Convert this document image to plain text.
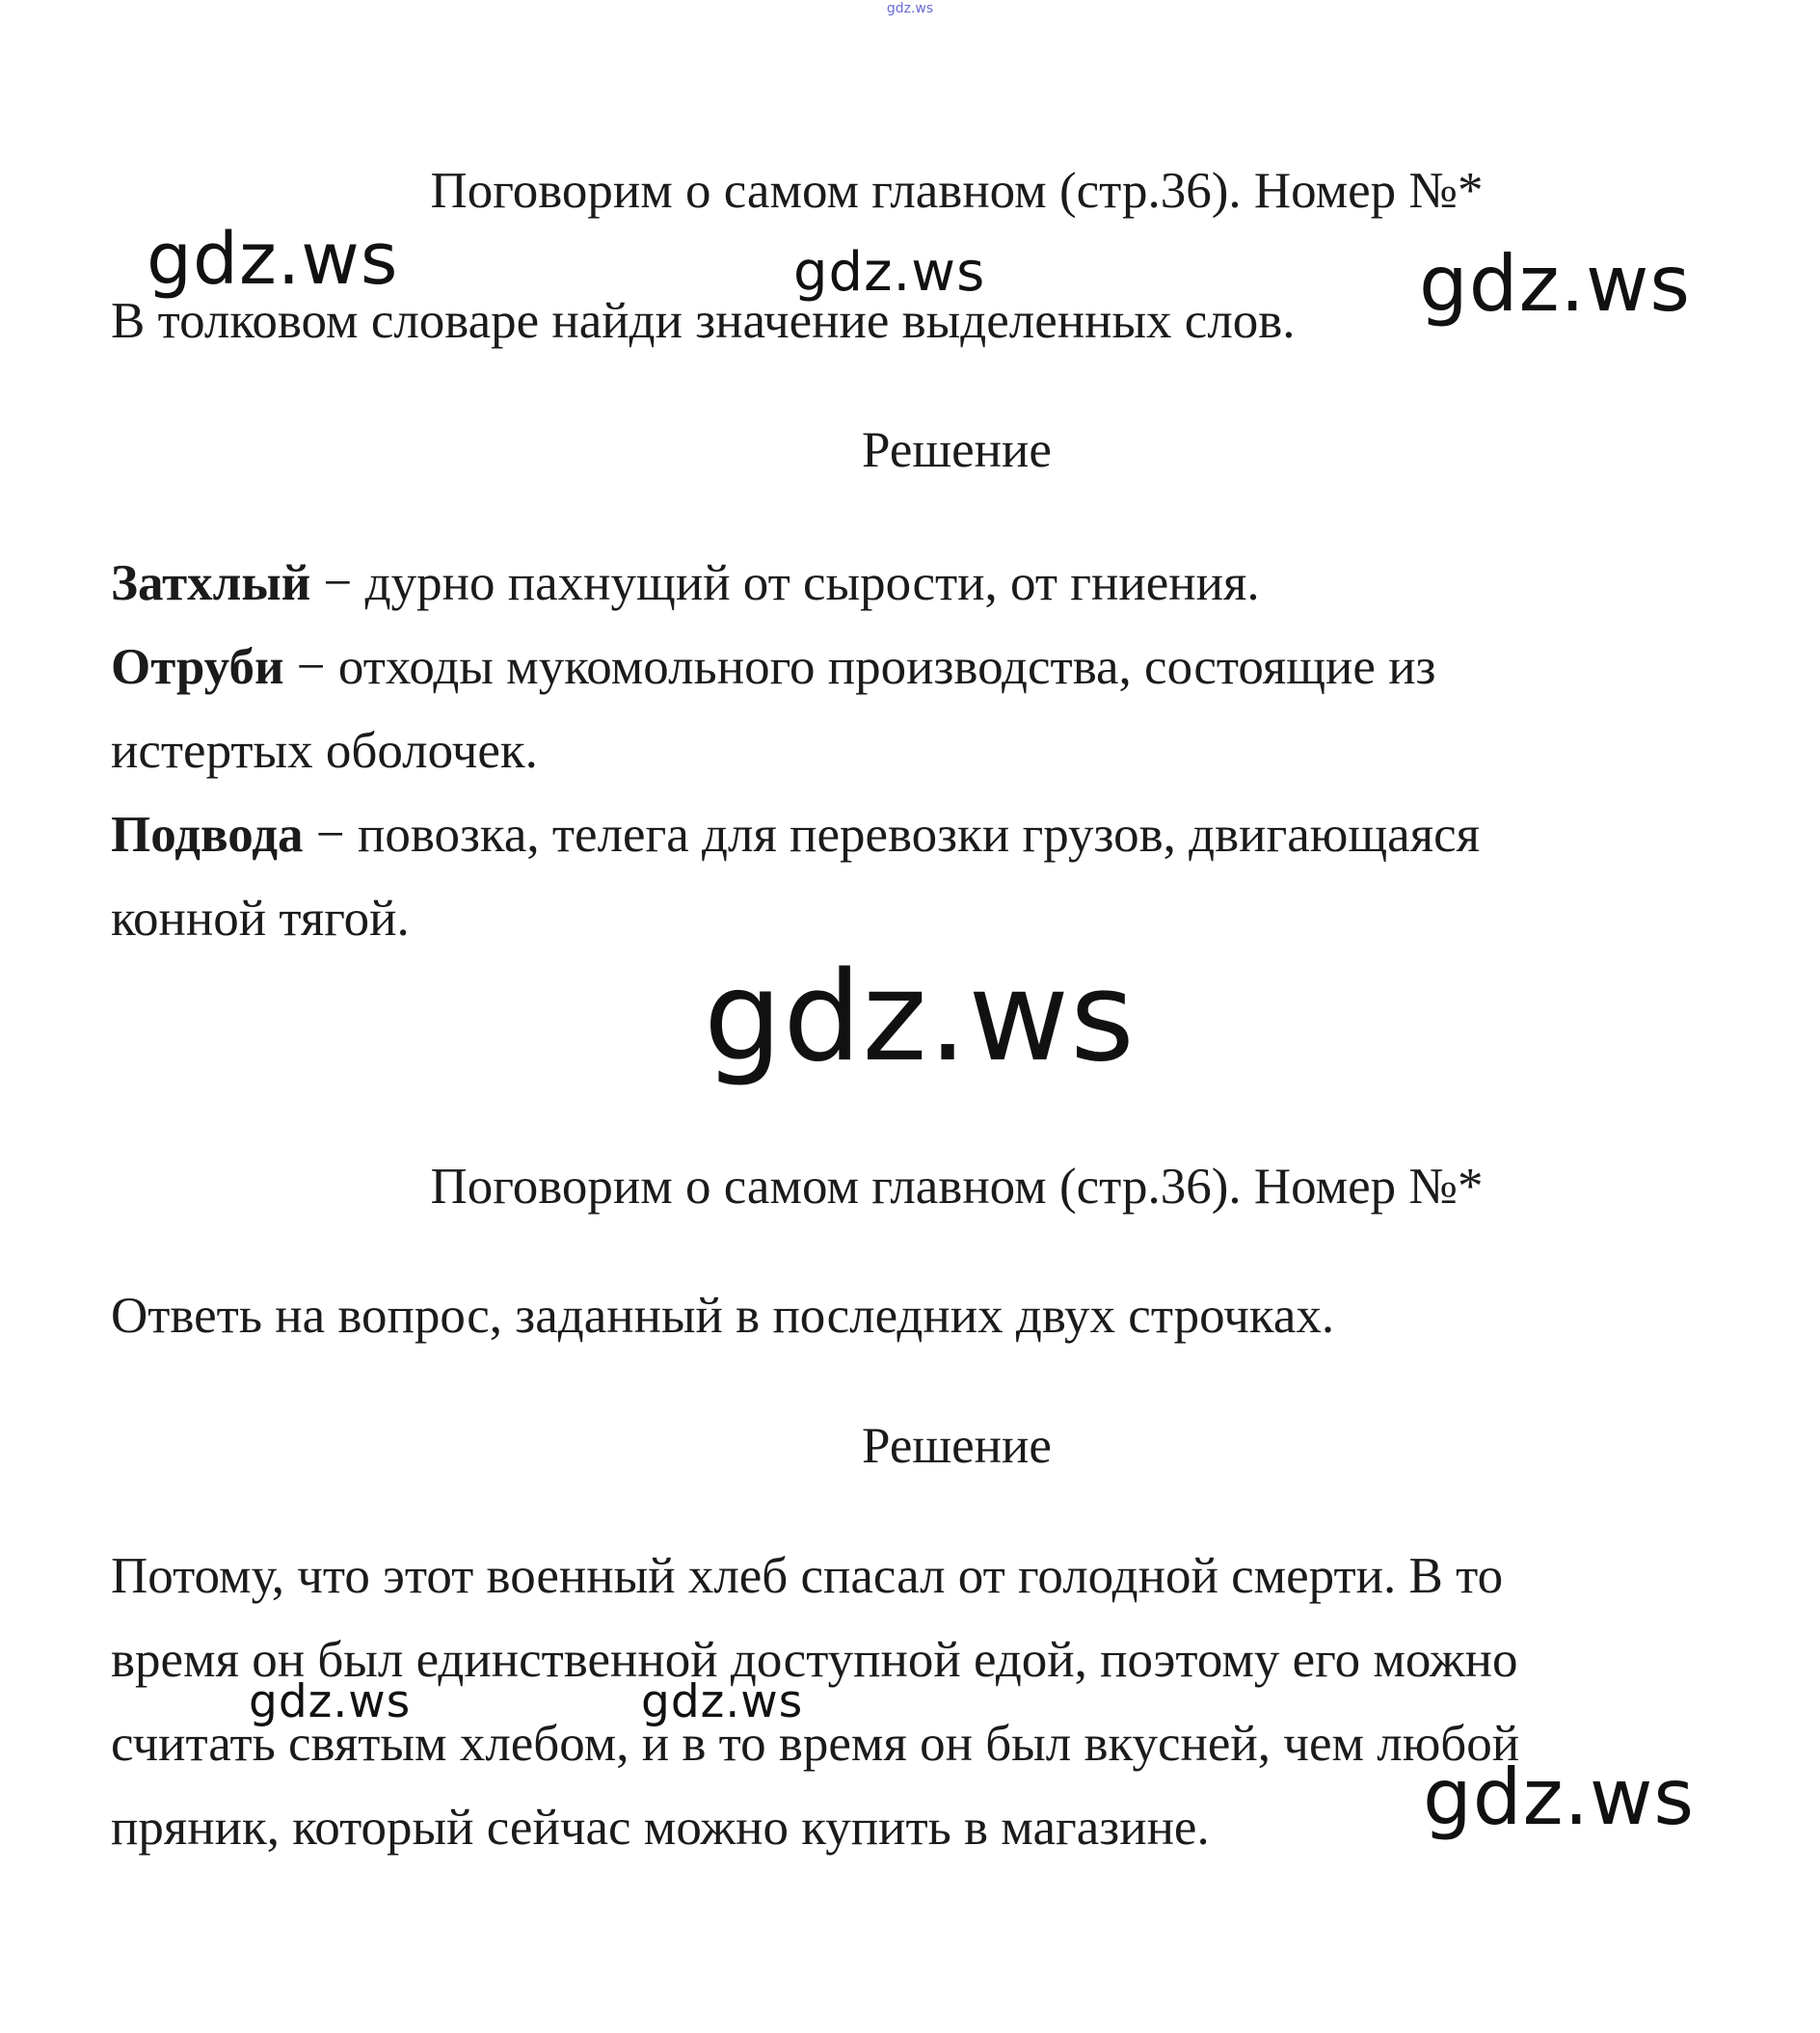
gdz.ws
Поговорим о самом главном (стр.36). Номер №*
В толковом словаре найди значение выделенных слов.
Решение
Затхлый − дурно пахнущий от сырости, от гниения.
Отруби − отходы мукомольного производства, состоящие из
истертых оболочек.
Подвода − повозка, телега для перевозки грузов, двигающаяся
конной тягой.
Поговорим о самом главном (стр.36). Номер №*
Ответь на вопрос, заданный в последних двух строчках.
Решение
Потому, что этот военный хлеб спасал от голодной смерти. В то
время он был единственной доступной едой, поэтому его можно
считать святым хлебом, и в то время он был вкусней, чем любой
пряник, который сейчас можно купить в магазине.
gdz.ws	gdz.ws	gdz.ws
gdz.ws
gdz.ws	gdz.ws
gdz.ws
